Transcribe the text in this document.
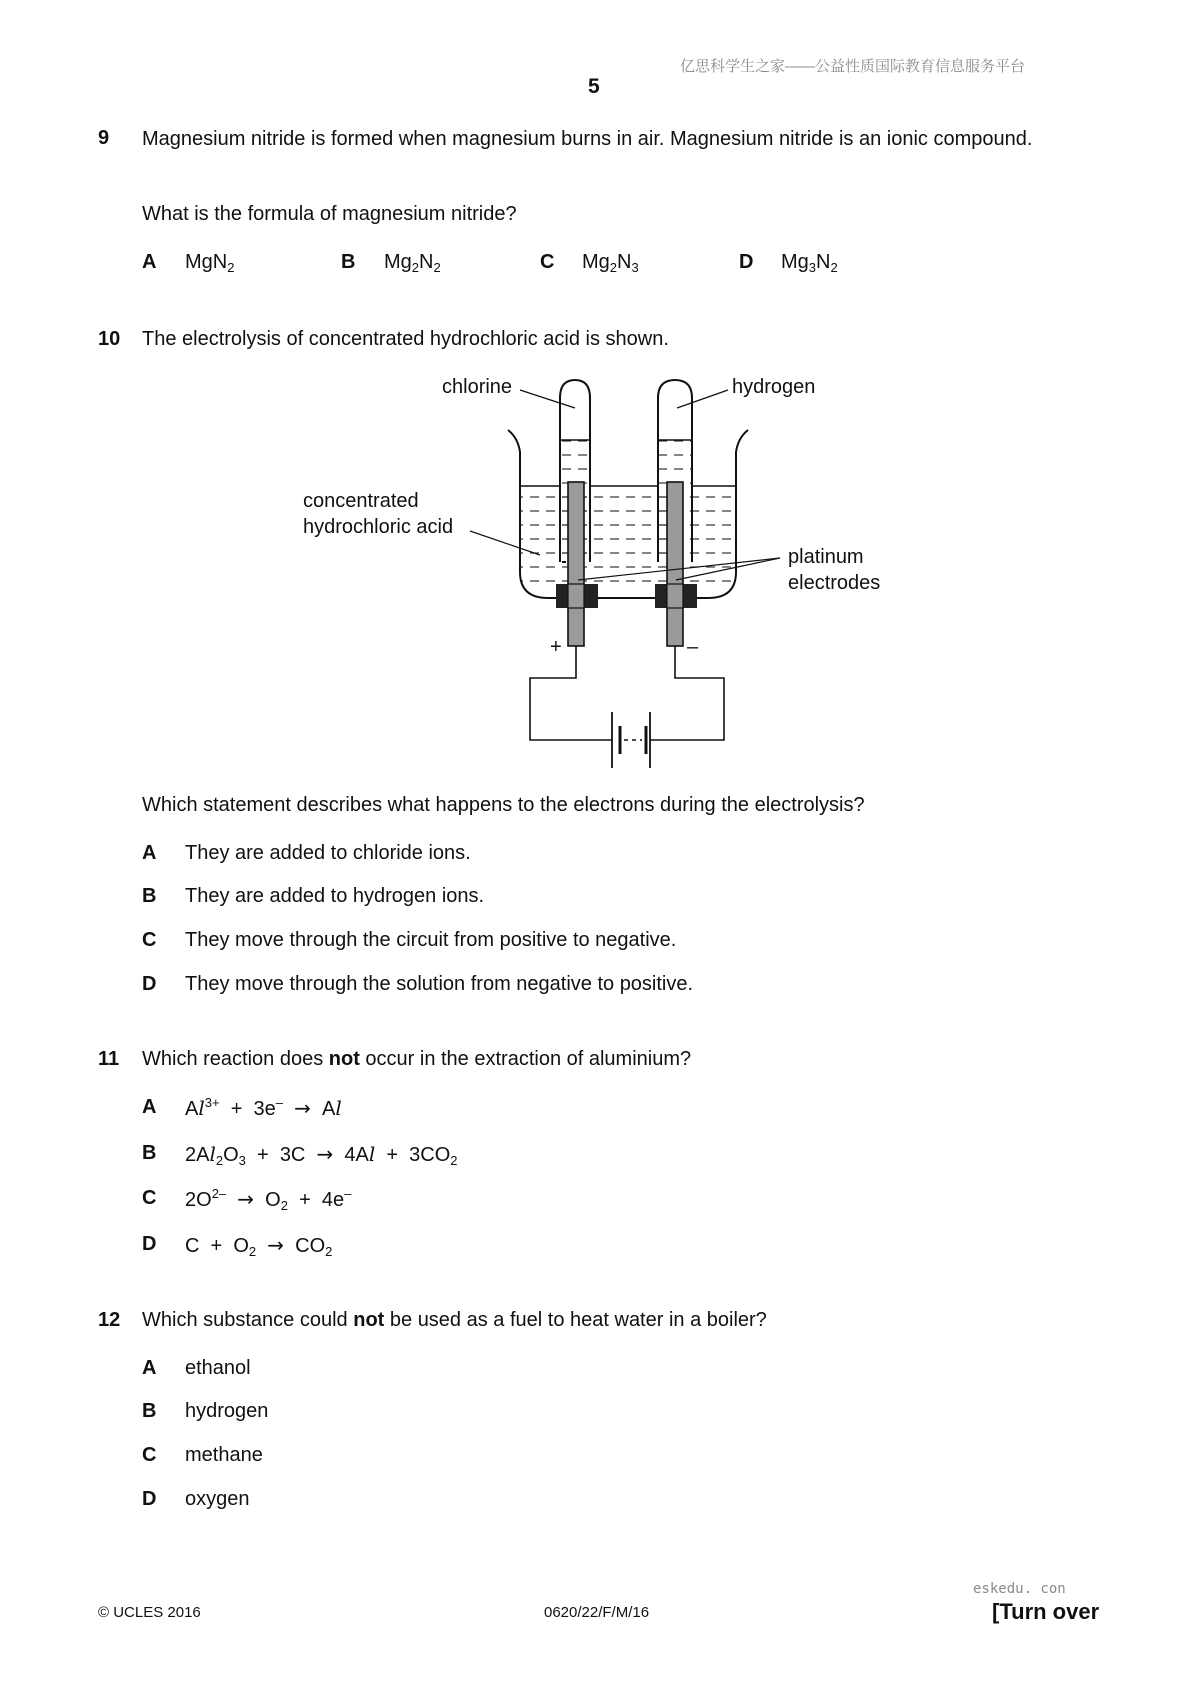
亿思科学生之家——公益性质国际教育信息服务平台
5
9 Magnesium nitride is formed when magnesium burns in air. Magnesium nitride is an ionic compound.
What is the formula of magnesium nitride?
A MgN$_2$	B $Mg_2N_2$	C $Mg_2N_3$	D $Mg_3N_2$
10 The electrolysis of concentrated hydrochloric acid is shown.
chlorine	hydrogen
concentrated
hydrochloric acid
platinum
electrodes
+	–
Which statement describes what happens to the electrons during the electrolysis?
A They are added to chloride ions.
B They are added to hydrogen ions.
C They move through the circuit from positive to negative.
D They move through the solution from negative to positive.
11 Which reaction does not occur in the extraction of aluminium?
A $Al^{3+} + 3e^- \to Al$
B $2Al_2O_3 + 3C \to 4Al + 3CO_2$
C $2O^{2-} \to O_2 + 4e^-$
D $C + O_2 \to CO_2$
12 Which substance could not be used as a fuel to heat water in a boiler?
A ethanol
B hydrogen
C methane
D oxygen
eskedu. con
© UCLES 2016	0620/22/F/M/16	[Turn over
